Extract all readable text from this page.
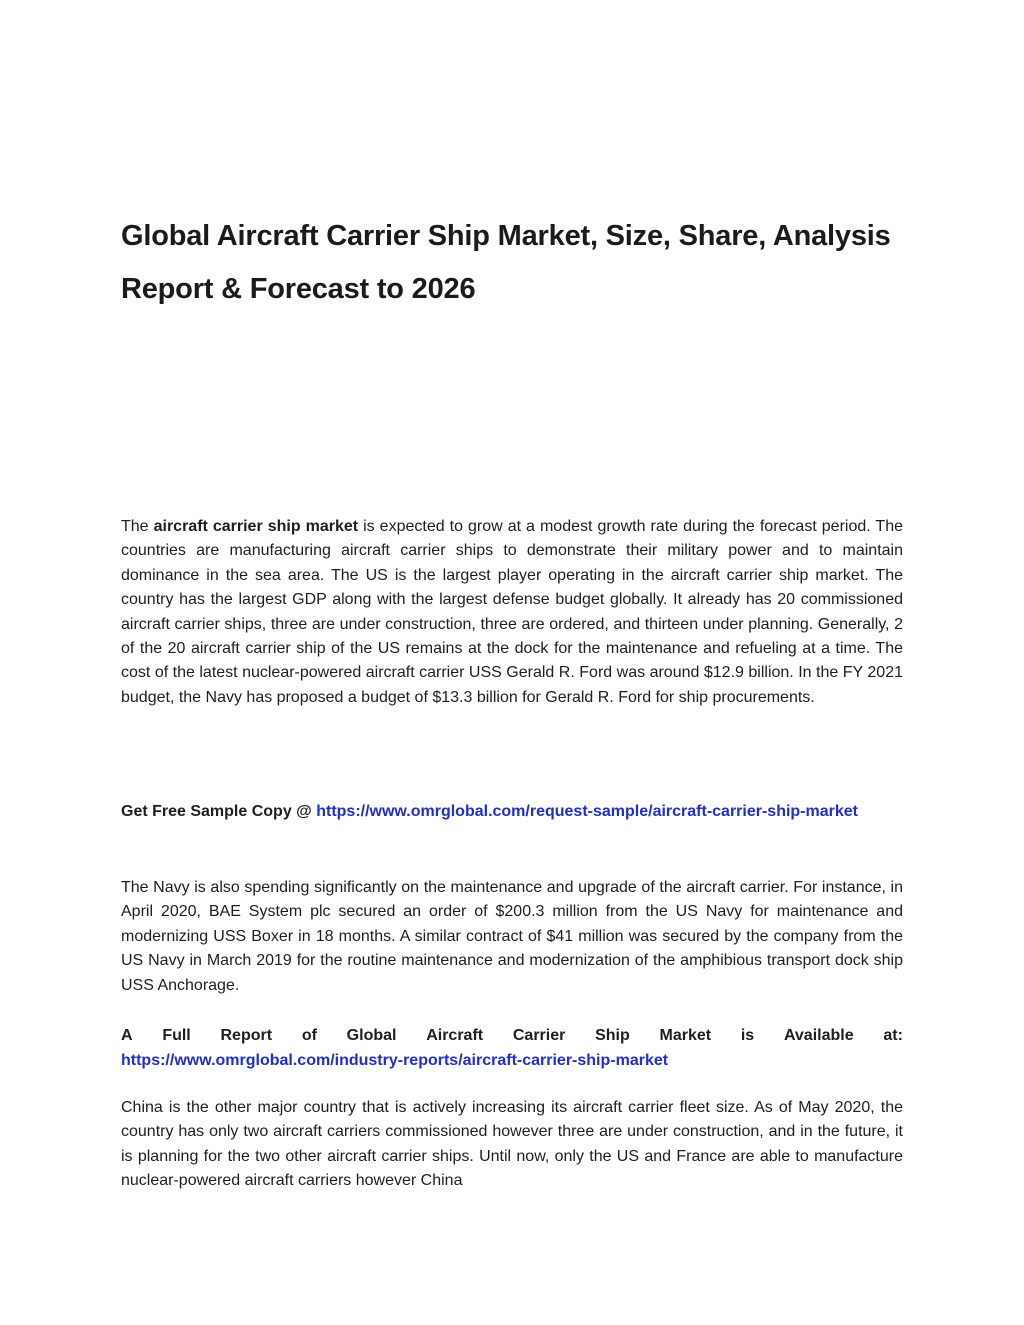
Global Aircraft Carrier Ship Market, Size, Share, Analysis Report & Forecast to 2026

The aircraft carrier ship market is expected to grow at a modest growth rate during the forecast period. The countries are manufacturing aircraft carrier ships to demonstrate their military power and to maintain dominance in the sea area. The US is the largest player operating in the aircraft carrier ship market. The country has the largest GDP along with the largest defense budget globally. It already has 20 commissioned aircraft carrier ships, three are under construction, three are ordered, and thirteen under planning. Generally, 2 of the 20 aircraft carrier ship of the US remains at the dock for the maintenance and refueling at a time. The cost of the latest nuclear-powered aircraft carrier USS Gerald R. Ford was around $12.9 billion. In the FY 2021 budget, the Navy has proposed a budget of $13.3 billion for Gerald R. Ford for ship procurements.

Get Free Sample Copy @ https://www.omrglobal.com/request-sample/aircraft-carrier-ship-market

The Navy is also spending significantly on the maintenance and upgrade of the aircraft carrier. For instance, in April 2020, BAE System plc secured an order of $200.3 million from the US Navy for maintenance and modernizing USS Boxer in 18 months. A similar contract of $41 million was secured by the company from the US Navy in March 2019 for the routine maintenance and modernization of the amphibious transport dock ship USS Anchorage.

A Full Report of Global Aircraft Carrier Ship Market is Available at:
https://www.omrglobal.com/industry-reports/aircraft-carrier-ship-market

China is the other major country that is actively increasing its aircraft carrier fleet size. As of May 2020, the country has only two aircraft carriers commissioned however three are under construction, and in the future, it is planning for the two other aircraft carrier ships. Until now, only the US and France are able to manufacture nuclear-powered aircraft carriers however China
